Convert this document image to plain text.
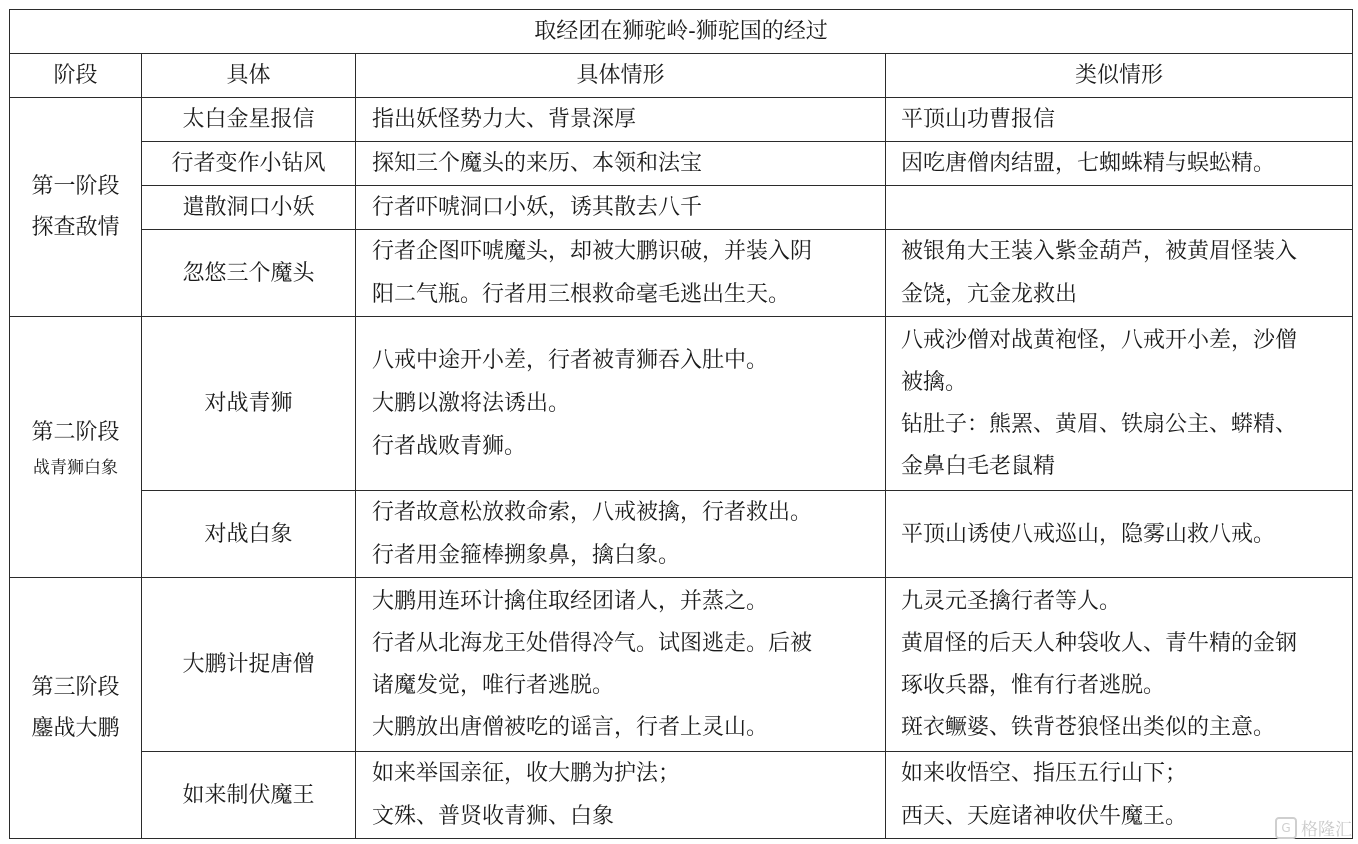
取经团在狮驼岭-狮驼国的经过			
阶段	具体	具体情形	类似情形

第一阶段
探查敌情	太白金星报信	指出妖怪势力大、背景深厚	平顶山功曹报信

	行者变作小钻风	探知三个魔头的来历、本领和法宝	因吃唐僧肉结盟，七蜘蛛精与蜈蚣精。

	遣散洞口小妖	行者吓唬洞口小妖，诱其散去八千	

	忽悠三个魔头	行者企图吓唬魔头，却被大鹏识破，并装入阴
阳二气瓶。行者用三根救命毫毛逃出生天。	被银角大王装入紫金葫芦，被黄眉怪装入
金饶，亢金龙救出

第二阶段
战青狮白象	对战青狮	八戒中途开小差，行者被青狮吞入肚中。
大鹏以激将法诱出。
行者战败青狮。	八戒沙僧对战黄袍怪，八戒开小差，沙僧
被擒。
钻肚子：熊罴、黄眉、铁扇公主、蟒精、
金鼻白毛老鼠精

	对战白象	行者故意松放救命索，八戒被擒，行者救出。
行者用金箍棒搠象鼻，擒白象。	平顶山诱使八戒巡山，隐雾山救八戒。

第三阶段
鏖战大鹏	大鹏计捉唐僧	大鹏用连环计擒住取经团诸人，并蒸之。
行者从北海龙王处借得冷气。试图逃走。后被
诸魔发觉，唯行者逃脱。
大鹏放出唐僧被吃的谣言，行者上灵山。	九灵元圣擒行者等人。
黄眉怪的后天人种袋收人、青牛精的金钢
琢收兵器，惟有行者逃脱。
斑衣鳜婆、铁背苍狼怪出类似的主意。

	如来制伏魔王	如来举国亲征，收大鹏为护法；
文殊、普贤收青狮、白象	如来收悟空、指压五行山下；
西天、天庭诸神收伏牛魔王。	G 格隆汇
